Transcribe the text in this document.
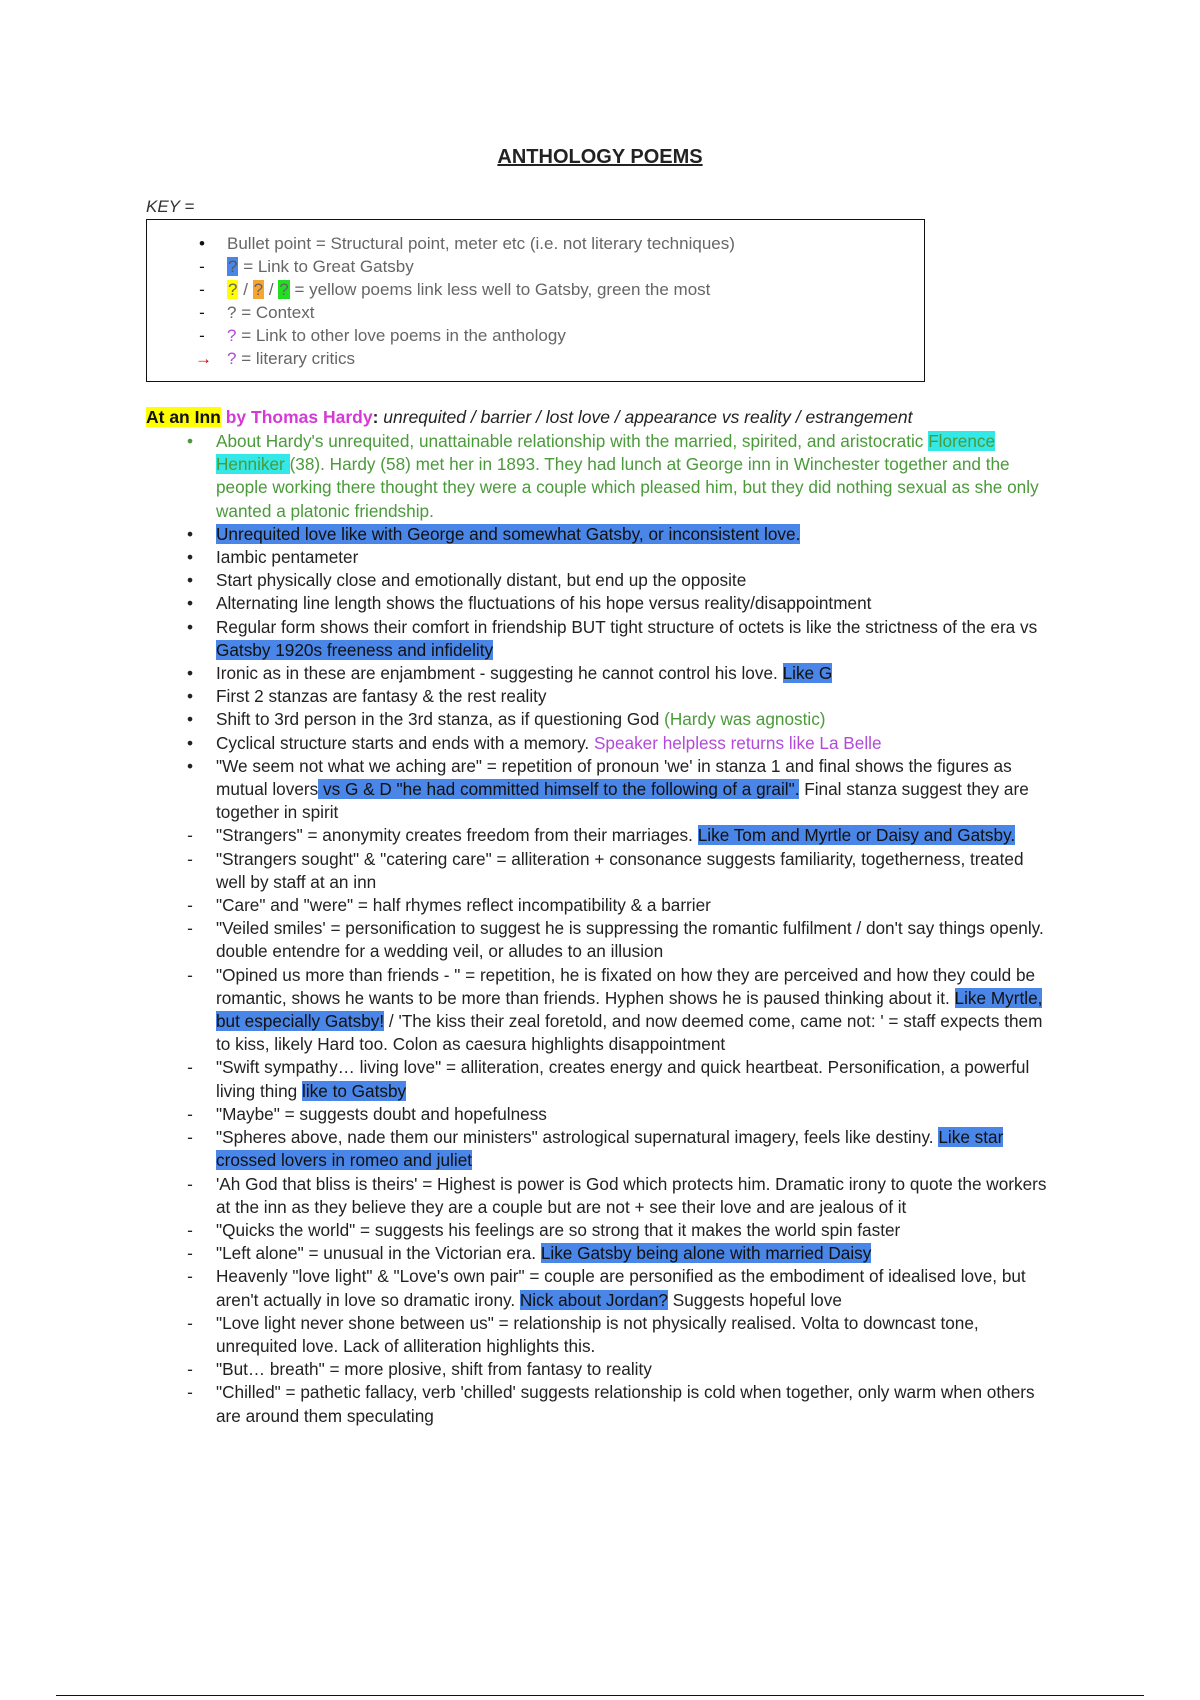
ANTHOLOGY POEMS
KEY =
• Bullet point = Structural point, meter etc (i.e. not literary techniques)
- ? = Link to Great Gatsby
- ? / ? / ? = yellow poems link less well to Gatsby, green the most
- ? = Context
- ? = Link to other love poems in the anthology
→ ? = literary critics
At an Inn by Thomas Hardy: unrequited / barrier / lost love / appearance vs reality / estrangement
• About Hardy's unrequited, unattainable relationship with the married, spirited, and aristocratic Florence Henniker (38). Hardy (58) met her in 1893. They had lunch at George inn in Winchester together and the people working there thought they were a couple which pleased him, but they did nothing sexual as she only wanted a platonic friendship.
• Unrequited love like with George and somewhat Gatsby, or inconsistent love.
• Iambic pentameter
• Start physically close and emotionally distant, but end up the opposite
• Alternating line length shows the fluctuations of his hope versus reality/disappointment
• Regular form shows their comfort in friendship BUT tight structure of octets is like the strictness of the era vs Gatsby 1920s freeness and infidelity
• Ironic as in these are enjambment - suggesting he cannot control his love. Like G
• First 2 stanzas are fantasy & the rest reality
• Shift to 3rd person in the 3rd stanza, as if questioning God (Hardy was agnostic)
• Cyclical structure starts and ends with a memory. Speaker helpless returns like La Belle
• "We seem not what we aching are" = repetition of pronoun 'we' in stanza 1 and final shows the figures as mutual lovers vs G & D "he had committed himself to the following of a grail". Final stanza suggest they are together in spirit
- "Strangers" = anonymity creates freedom from their marriages. Like Tom and Myrtle or Daisy and Gatsby.
- "Strangers sought" & "catering care" = alliteration + consonance suggests familiarity, togetherness, treated well by staff at an inn
- "Care" and "were" = half rhymes reflect incompatibility & a barrier
- "Veiled smiles' = personification to suggest he is suppressing the romantic fulfilment / don't say things openly. double entendre for a wedding veil, or alludes to an illusion
- "Opined us more than friends - " = repetition, he is fixated on how they are perceived and how they could be romantic, shows he wants to be more than friends. Hyphen shows he is paused thinking about it. Like Myrtle, but especially Gatsby! / 'The kiss their zeal foretold, and now deemed come, came not: ' = staff expects them to kiss, likely Hard too. Colon as caesura highlights disappointment
- "Swift sympathy… living love" = alliteration, creates energy and quick heartbeat. Personification, a powerful living thing like to Gatsby
- "Maybe" = suggests doubt and hopefulness
- "Spheres above, nade them our ministers" astrological supernatural imagery, feels like destiny. Like star crossed lovers in romeo and juliet
- 'Ah God that bliss is theirs' = Highest is power is God which protects him. Dramatic irony to quote the workers at the inn as they believe they are a couple but are not + see their love and are jealous of it
- "Quicks the world" = suggests his feelings are so strong that it makes the world spin faster
- "Left alone" = unusual in the Victorian era. Like Gatsby being alone with married Daisy
- Heavenly "love light" & "Love's own pair" = couple are personified as the embodiment of idealised love, but aren't actually in love so dramatic irony. Nick about Jordan? Suggests hopeful love
- "Love light never shone between us" = relationship is not physically realised. Volta to downcast tone, unrequited love. Lack of alliteration highlights this.
- "But… breath" = more plosive, shift from fantasy to reality
- "Chilled" = pathetic fallacy, verb 'chilled' suggests relationship is cold when together, only warm when others are around them speculating
